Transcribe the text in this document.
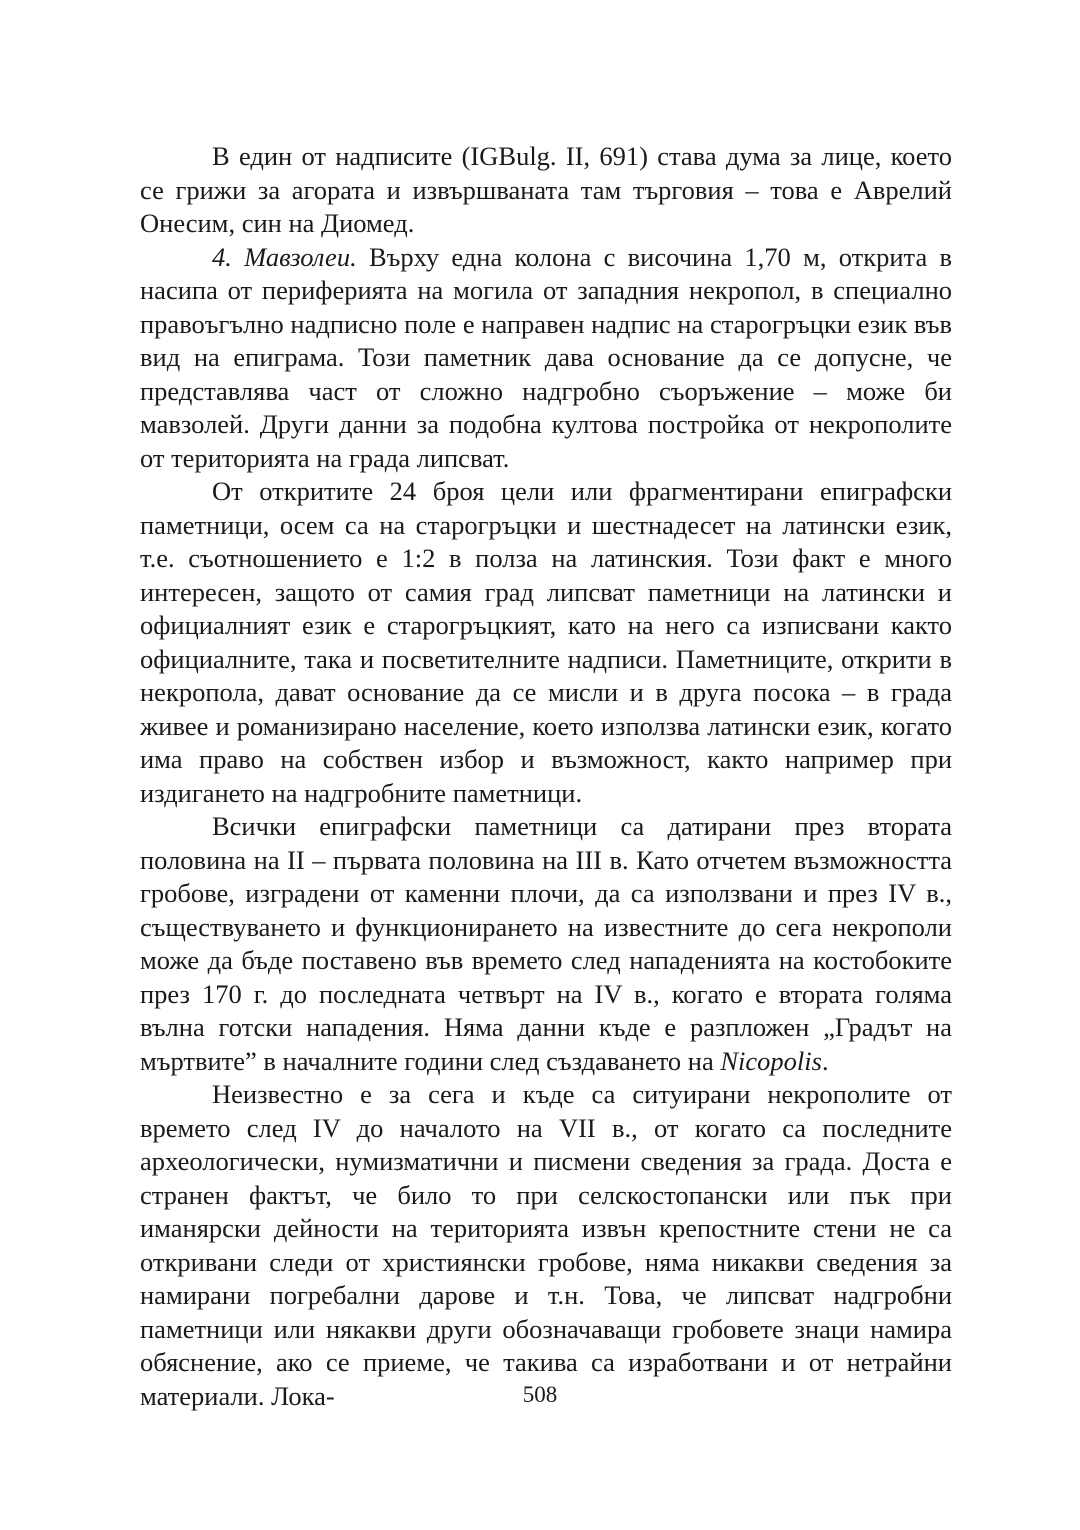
В един от надписите (IGBulg. II, 691) става дума за лице, което се грижи за агората и извършваната там търговия – това е Аврелий Онесим, син на Диомед.

4. Мавзолеи. Върху една колона с височина 1,70 м, открита в насипа от периферията на могила от западния некропол, в специално правоъгълно надписно поле е направен надпис на старогръцки език във вид на епиграма. Този паметник дава основание да се допусне, че представлява част от сложно надгробно съоръжение – може би мавзолей. Други данни за подобна култова постройка от некрополите от територията на града липсват.

От откритите 24 броя цели или фрагментирани епиграфски паметници, осем са на старогръцки и шестнадесет на латински език, т.е. съотношението е 1:2 в полза на латинския. Този факт е много интересен, защото от самия град липсват паметници на латински и официалният език е старогръцкият, като на него са изписвани както официалните, така и посветителните надписи. Паметниците, открити в некропола, дават основание да се мисли и в друга посока – в града живее и романизирано население, което използва латински език, когато има право на собствен избор и възможност, както например при издигането на надгробните паметници.

Всички епиграфски паметници са датирани през втората половина на II – първата половина на III в. Като отчетем възможността гробове, изградени от каменни плочи, да са използвани и през IV в., съществуването и функционирането на известните до сега некрополи може да бъде поставено във времето след нападенията на костобоките през 170 г. до последната четвърт на IV в., когато е втората голяма вълна готски нападения. Няма данни къде е разпложен „Градът на мъртвите” в началните години след създаването на Nicopolis.

Неизвестно е за сега и къде са ситуирани некрополите от времето след IV до началото на VII в., от когато са последните археологически, нумизматични и писмени сведения за града. Доста е странен фактът, че било то при селскостопански или пък при иманярски дейности на територията извън крепостните стени не са откривани следи от християнски гробове, няма никакви сведения за намирани погребални дарове и т.н. Това, че липсват надгробни паметници или някакви други обозначаващи гробовете знаци намира обяснение, ако се приеме, че такива са изработвани и от нетрайни материали. Лока-	508
